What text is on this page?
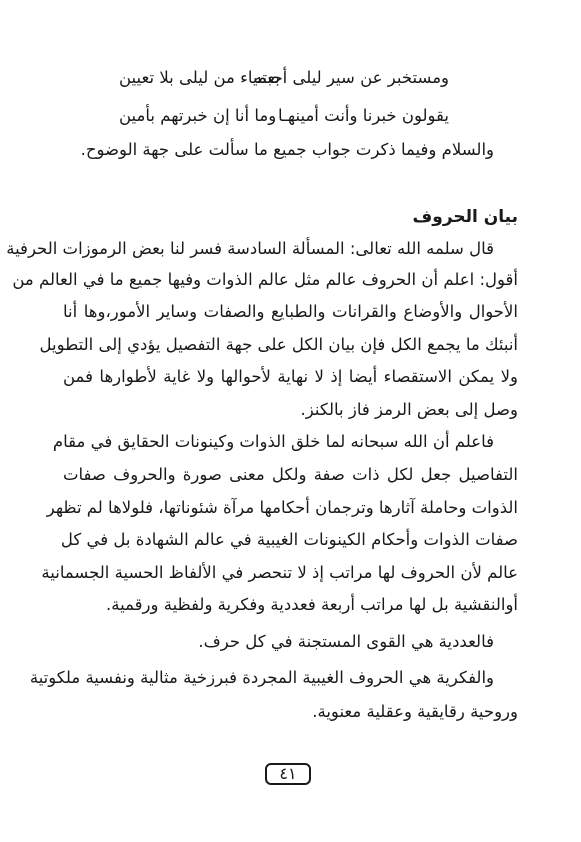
ومستخبر عن سير ليلى أجبته
بعمياء من ليلى بلا تعيين
يقولون خبرنا وأنت أمينهـا
وما أنا إن خبرتهم بأمين
والسلام وفيما ذكرت جواب جميع ما سألت على جهة الوضوح.
بيان الحروف
قال سلمه الله تعالى: المسألة السادسة فسر لنا بعض الرموزات الحرفية
أقول: اعلم أن الحروف عالم مثل عالم الذوات وفيها جميع ما في العالم من
الأحوال والأوضاع والقرانات والطبايع والصفات وساير الأمور،وها أنا
أنبئك ما يجمع الكل فإن بيان الكل على جهة التفصيل يؤدي إلى التطويل
ولا يمكن الاستقصاء أيضا إذ لا نهاية لأحوالها ولا غاية لأطوارها فمن
وصل إلى بعض الرمز فاز بالكنز.
فاعلم أن الله سبحانه لما خلق الذوات وكينونات الحقايق في مقام
التفاصيل جعل لكل ذات صفة ولكل معنى صورة والحروف صفات
الذوات وحاملة آثارها وترجمان أحكامها مرآة شئوناتها، فلولاها لم تظهر
صفات الذوات وأحكام الكينونات الغيبية في عالم الشهادة بل في كل
عالم لأن الحروف لها مراتب إذ لا تنحصر في الألفاظ الحسية الجسمانية
أوالنقشية بل لها مراتب أربعة فعددية وفكرية ولفظية ورقمية.
فالعددية هي القوى المستجنة في كل حرف.
والفكرية هي الحروف الغيبية المجردة فبرزخية مثالية ونفسية ملكوتية
وروحية رقايقية وعقلية معنوية.
٤١
